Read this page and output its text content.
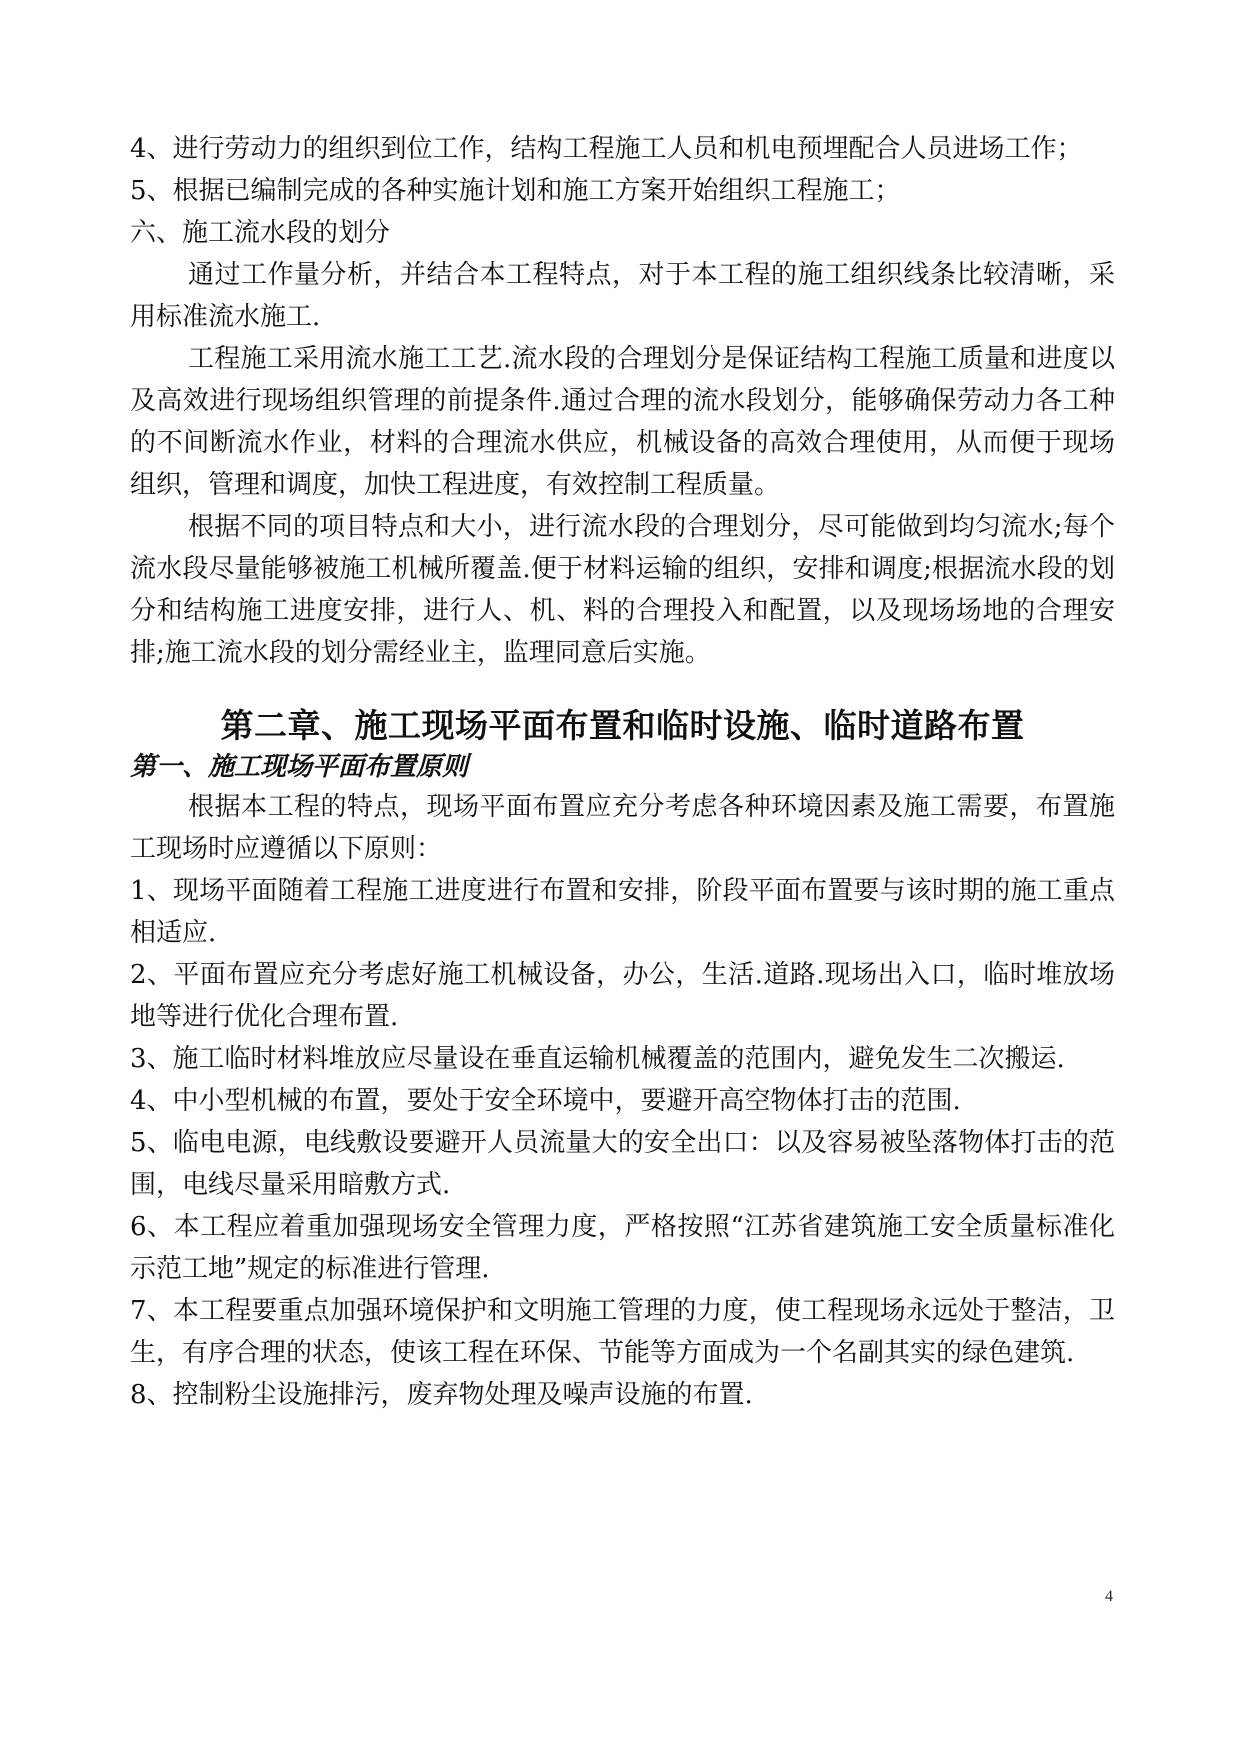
4、进行劳动力的组织到位工作，结构工程施工人员和机电预埋配合人员进场工作；

5、根据已编制完成的各种实施计划和施工方案开始组织工程施工；

六、施工流水段的划分

通过工作量分析，并结合本工程特点，对于本工程的施工组织线条比较清晰，采用标准流水施工.

工程施工采用流水施工工艺.流水段的合理划分是保证结构工程施工质量和进度以及高效进行现场组织管理的前提条件.通过合理的流水段划分，能够确保劳动力各工种的不间断流水作业，材料的合理流水供应，机械设备的高效合理使用，从而便于现场组织，管理和调度，加快工程进度，有效控制工程质量。

根据不同的项目特点和大小，进行流水段的合理划分，尽可能做到均匀流水;每个流水段尽量能够被施工机械所覆盖.便于材料运输的组织，安排和调度;根据流水段的划分和结构施工进度安排，进行人、机、料的合理投入和配置，以及现场场地的合理安排;施工流水段的划分需经业主，监理同意后实施。

第二章、施工现场平面布置和临时设施、临时道路布置
第一、施工现场平面布置原则

根据本工程的特点，现场平面布置应充分考虑各种环境因素及施工需要，布置施工现场时应遵循以下原则：

1、现场平面随着工程施工进度进行布置和安排，阶段平面布置要与该时期的施工重点相适应.

2、平面布置应充分考虑好施工机械设备，办公，生活.道路.现场出入口，临时堆放场地等进行优化合理布置.

3、施工临时材料堆放应尽量设在垂直运输机械覆盖的范围内，避免发生二次搬运.

4、中小型机械的布置，要处于安全环境中，要避开高空物体打击的范围.

5、临电电源，电线敷设要避开人员流量大的安全出口：以及容易被坠落物体打击的范围，电线尽量采用暗敷方式.

6、本工程应着重加强现场安全管理力度，严格按照“江苏省建筑施工安全质量标准化示范工地”规定的标准进行管理.

7、本工程要重点加强环境保护和文明施工管理的力度，使工程现场永远处于整洁，卫生，有序合理的状态，使该工程在环保、节能等方面成为一个名副其实的绿色建筑.

8、控制粉尘设施排污，废弃物处理及噪声设施的布置.

4
